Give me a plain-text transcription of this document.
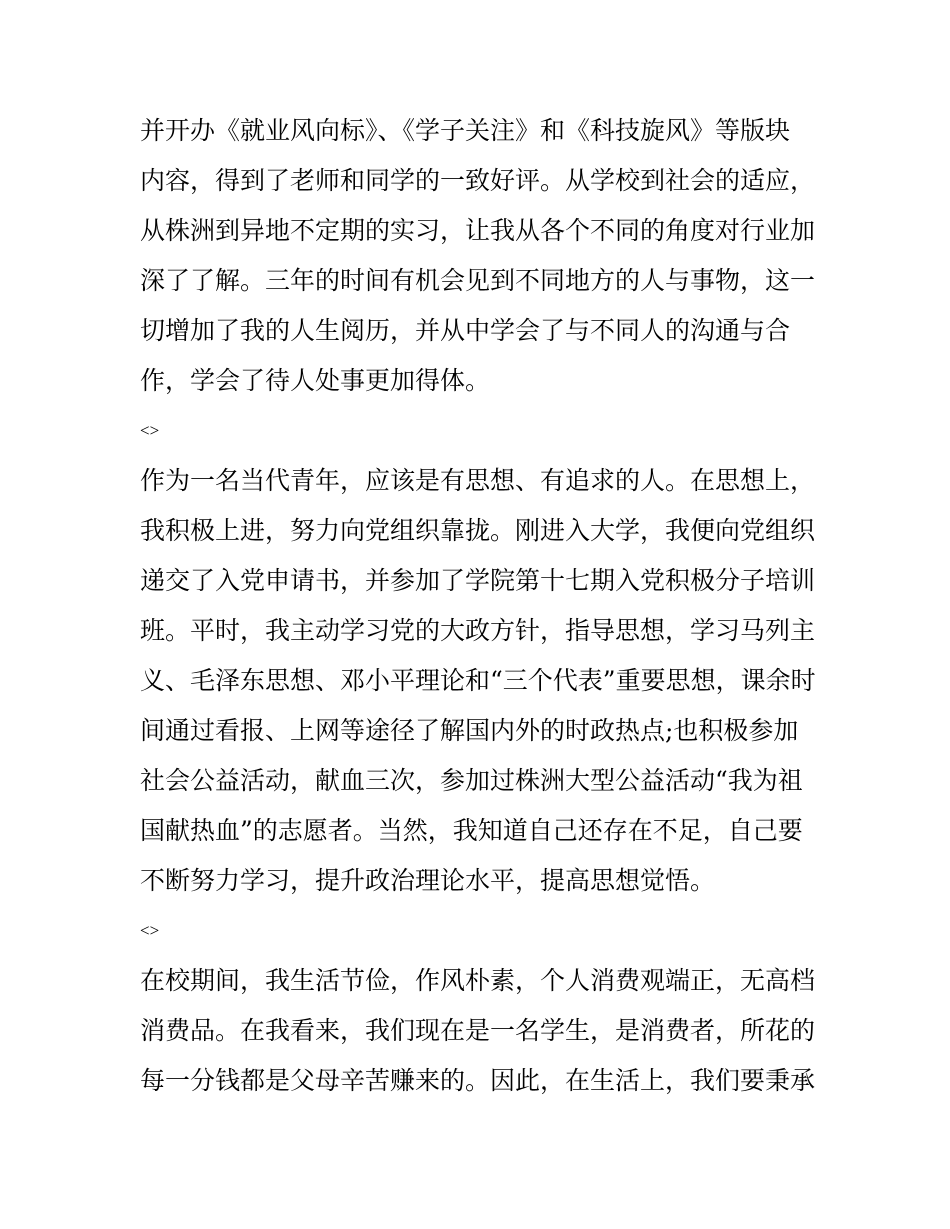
并开办《就业风向标》、《学子关注》和《科技旋风》等版块
内容，得到了老师和同学的一致好评。从学校到社会的适应，
从株洲到异地不定期的实习，让我从各个不同的角度对行业加
深了了解。三年的时间有机会见到不同地方的人与事物，这一
切增加了我的人生阅历，并从中学会了与不同人的沟通与合
作，学会了待人处事更加得体。
<>
作为一名当代青年，应该是有思想、有追求的人。在思想上，
我积极上进，努力向党组织靠拢。刚进入大学，我便向党组织
递交了入党申请书，并参加了学院第十七期入党积极分子培训
班。平时，我主动学习党的大政方针，指导思想，学习马列主
义、毛泽东思想、邓小平理论和“三个代表”重要思想，课余时
间通过看报、上网等途径了解国内外的时政热点;也积极参加
社会公益活动，献血三次，参加过株洲大型公益活动“我为祖
国献热血”的志愿者。当然，我知道自己还存在不足，自己要
不断努力学习，提升政治理论水平，提高思想觉悟。
<>
在校期间，我生活节俭，作风朴素，个人消费观端正，无高档
消费品。在我看来，我们现在是一名学生，是消费者，所花的
每一分钱都是父母辛苦赚来的。因此，在生活上，我们要秉承
